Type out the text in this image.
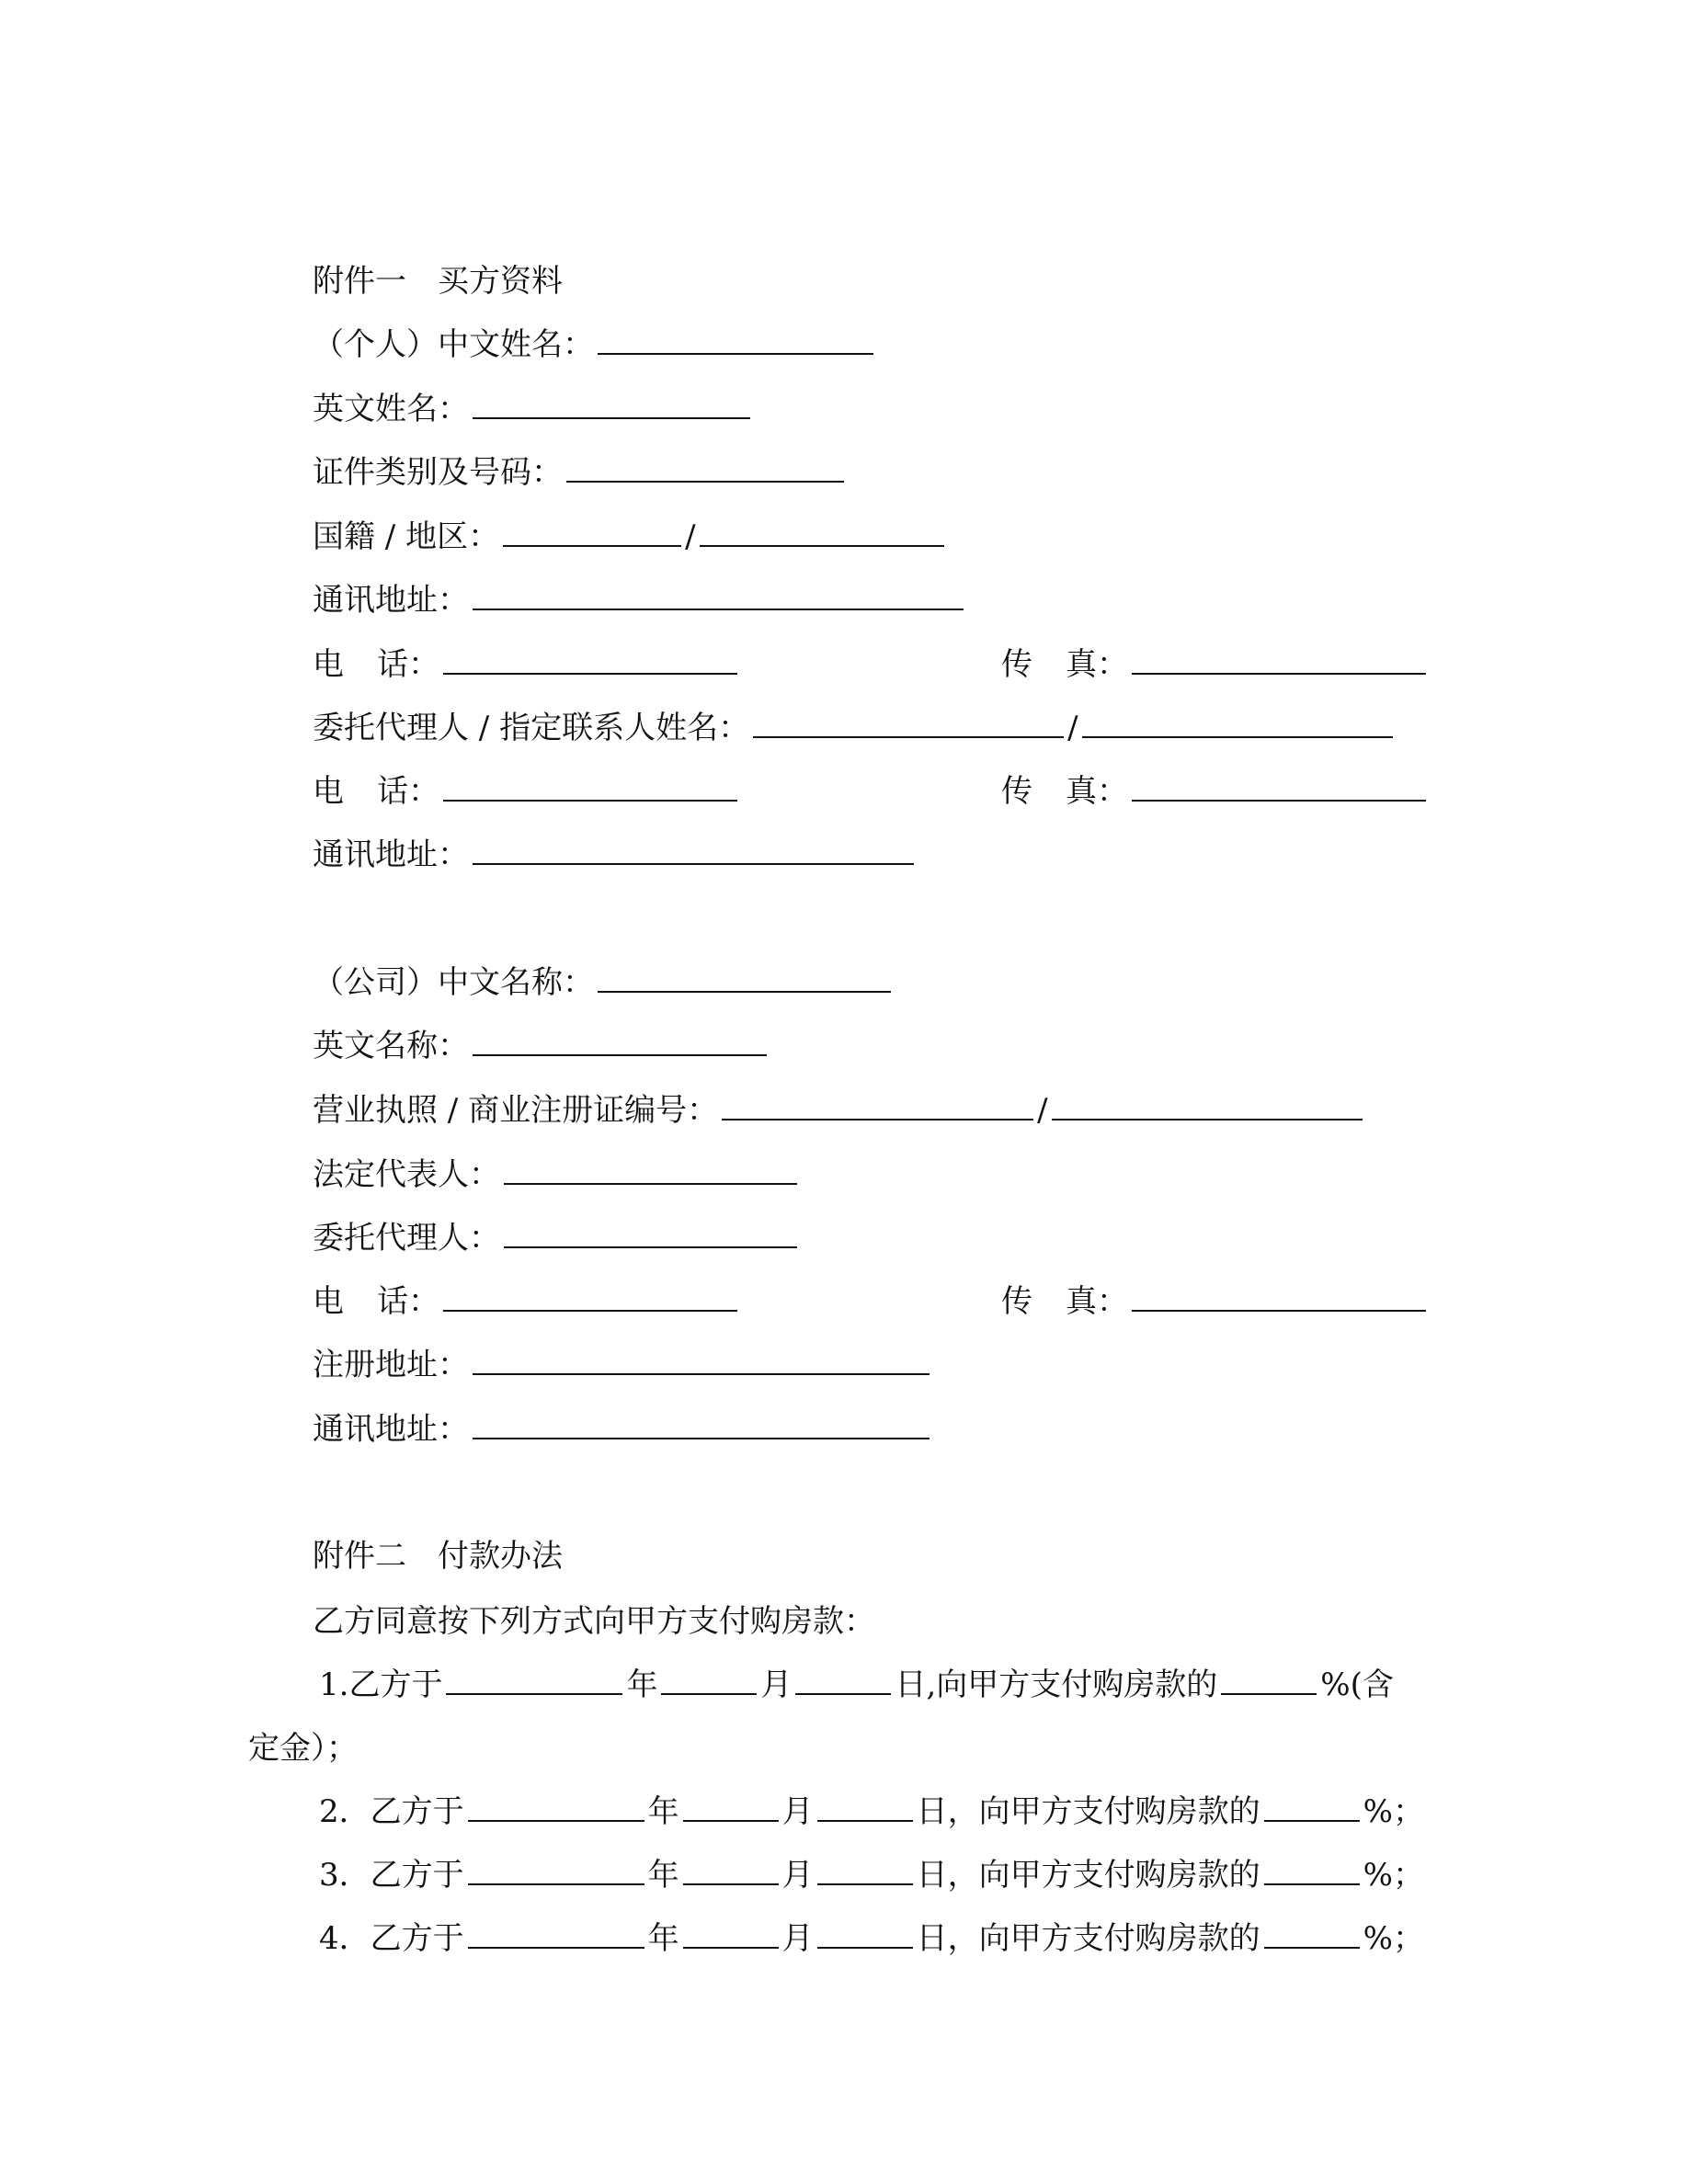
附件一　买方资料
（个人）中文姓名：
英文姓名：
证件类别及号码：
国籍 / 地区：	/
通讯地址：
电 话：	传 真：
委托代理人 / 指定联系人姓名：	/
电 话：	传 真：
通讯地址：
（公司）中文名称：
英文名称：
营业执照 / 商业注册证编号：	/
法定代表人：
委托代理人：
电 话：	传 真：
注册地址：
通讯地址：
附件二　付款办法
乙方同意按下列方式向甲方支付购房款：
1.乙方于	年	月	日,向甲方支付购房款的	%(含
定金）；
2．乙方于	年	月	日，向甲方支付购房款的	%；
3．乙方于	年	月	日，向甲方支付购房款的	%；
4．乙方于	年	月	日，向甲方支付购房款的	%；
